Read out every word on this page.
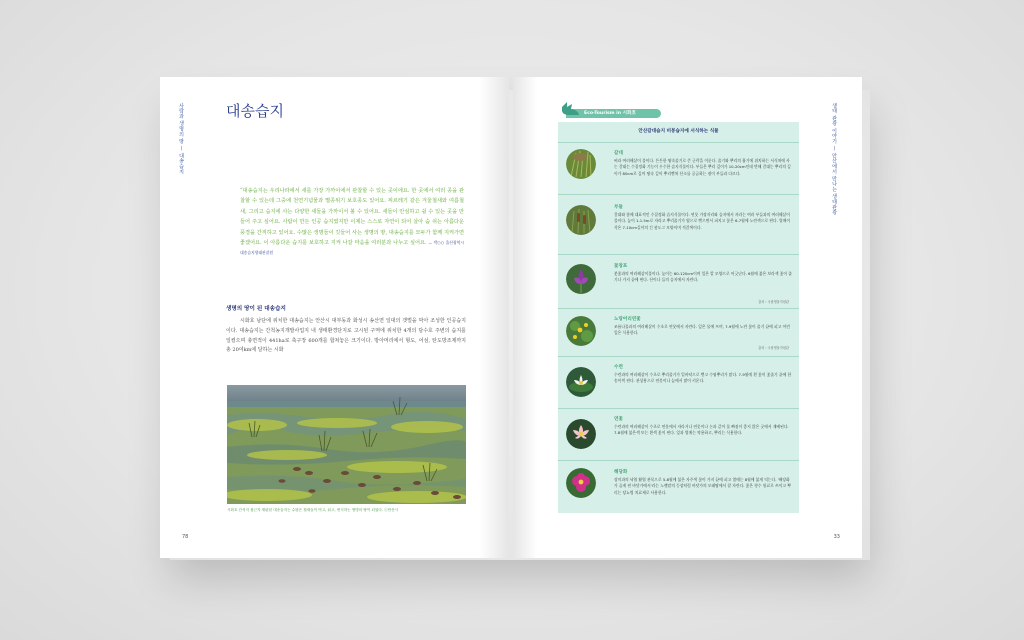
사람과 생명의 땅 — 대송습지	대송습지
“대송습지는 우리나라에서 새를 가장 가까이에서 관찰할 수 있는 곳이에요. 한 곳에서 여러 종을 관찰할 수 있는데 그중에 천연기념물과 멸종위기 보호종도 있어요. 찌르레기 같은 겨울철새와 여름철새, 그리고 습지에 사는 다양한 새들을 가까이서 볼 수 있어요. 새들이 안심하고 쉴 수 있는 곳을 만들어 주고 싶어요. 사람이 만든 인공 습지였지만 이제는 스스로 자연이 되어 살아 숨 쉬는 아름다운 풍경을 간직하고 있어요. 수많은 생명들이 깃들어 사는 생명의 땅, 대송습지를 모두가 함께 지켜가면 좋겠어요. 이 아름다운 습지를 보호하고 지켜 나갈 마음을 여러분과 나누고 싶어요. — 박○○ 울산광역시 대송습지생태관찰원
생명의 땅이 된 대송습지
시화호 남단에 위치한 대송습지는 안산시 대부동과 화성시 송산면 일대의 갯벌을 막아 조성한 인공습지이다. 대송습지는 간척농지개발사업지 내 생태환경단지로 고시된 구역에 위치한 4개의 담수호 주변의 습지를 일컬으며 총면적이 441ha로 축구장 600개를 합쳐놓은 크기이다. 방아머리에서 형도, 어섬, 탄도방조제까지 총 20여km에 달하는 시화
시화호 간석지 접근지 재판된 대송습지는 수많은 철새들이 먹고, 쉬고, 번식하는 생명의 땅이 되었다. ⓒ안산시
78
생태 관광 이야기 — 안산에서 만나는 생태관광
Eco-Tourism in 시화호
안산갈대습지 비봉습지에 서식하는 식물
갈대
벼과 여러해살이 풀이다. 튼튼한 땅속줄기로 큰 군락을 이룬다. 줄기와 뿌리의 흡기에 위치하는 서식처에 사는 갈대는 수질정화 기능이 우수한 습지식물이다. 부들은 뿌리 깊이가 10-20cm인데 반해 갈대는 뿌리의 깊이가 80cm로 깊어 땅속 깊이 뿌리뻗쳐 산소를 공급하는 점이 부들과 다르다.
부들
갈대와 함께 대표적인 수질정화 습지식물이다. 연못 가장자리와 습지에서 자라는 여러 부들과의 여러해살이 풀이다. 높이 1-1.5m로 자라고 뿌리줄기가 옆으로 뻗으면서 퍼지고 꽃은 6-7월에 노란색으로 핀다. 열매이삭은 7-10cm길이의 긴 핫도그 모양이며 적갈색이다.
꽃창포
붓꽃과의 여러해살이풀이다. 높이는 60-120cm이며 잎은 칼 모양으로 어긋난다. 6월에 붉은 보라색 꽃이 줄기나 가지 끝에 핀다. 산이나 들의 습지에서 자란다.
출처 : 국립생물자원관
노랑어리연꽃
조름나물과의 여러해살이 수초로 연못에서 자란다. 잎은 물에 뜨며, 7-9월에 노란 꽃이 줄기 끝에 피고 어린잎은 식용한다.
출처 : 국립생물자원관
수련
수련과의 여러해살이 수초로 뿌리줄기가 일바닥으로 뻗고 수염뿌리가 많다. 7-9월에 흰 꽃이 꽃줄기 끝에 한 송이씩 핀다. 관상용으로 연못이나 늪에서 많이 키운다.
연꽃
수련과의 여러해살이 수초로 연못에서 자라거나 연못이나 논과 같이 물 빠짐이 좋지 않은 곳에서 재배된다. 7-8월에 붉은색 또는 흰색 꽃이 핀다. 잎과 열매는 약용하고, 뿌리는 식용한다.
해당화
장미과의 낙엽 활엽 관목으로 5-8월에 붉은 자주색 꽃이 가지 끝에 피고 열매는 8월에 붉게 익는다. '해당화가 곱게 핀 바닷가에서'라는 노랫말의 등장처럼 바닷가의 모래땅에서 잘 자란다. 꽃은 향수 원료로 쓰이고 뿌리는 당뇨병 치료제로 사용한다.
33
